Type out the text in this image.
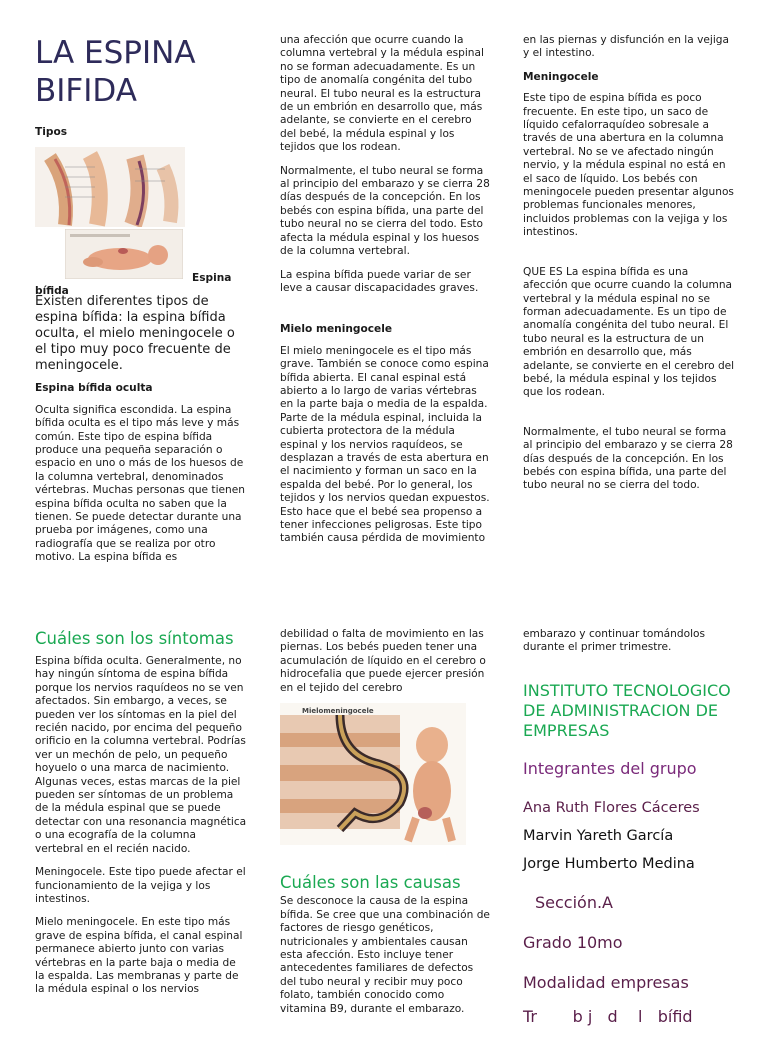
LA ESPINA BIFIDA
Tipos
Espina bífida

Existen diferentes tipos de espina bífida: la espina bífida oculta, el mielo meningocele o el tipo muy poco frecuente de meningocele.

Espina bífida oculta

Oculta significa escondida. La espina bífida oculta es el tipo más leve y más común. Este tipo de espina bífida produce una pequeña separación o espacio en uno o más de los huesos de la columna vertebral, denominados vértebras. Muchas personas que tienen espina bífida oculta no saben que la tienen. Se puede detectar durante una prueba por imágenes, como una radiografía que se realiza por otro motivo. La espina bífida es

una afección que ocurre cuando la columna vertebral y la médula espinal no se forman adecuadamente. Es un tipo de anomalía congénita del tubo neural. El tubo neural es la estructura de un embrión en desarrollo que, más adelante, se convierte en el cerebro del bebé, la médula espinal y los tejidos que los rodean.

Normalmente, el tubo neural se forma al principio del embarazo y se cierra 28 días después de la concepción. En los bebés con espina bífida, una parte del tubo neural no se cierra del todo. Esto afecta la médula espinal y los huesos de la columna vertebral.

La espina bífida puede variar de ser leve a causar discapacidades graves.

Mielo meningocele

El mielo meningocele es el tipo más grave. También se conoce como espina bífida abierta. El canal espinal está abierto a lo largo de varias vértebras en la parte baja o media de la espalda. Parte de la médula espinal, incluida la cubierta protectora de la médula espinal y los nervios raquídeos, se desplazan a través de esta abertura en el nacimiento y forman un saco en la espalda del bebé. Por lo general, los tejidos y los nervios quedan expuestos. Esto hace que el bebé sea propenso a tener infecciones peligrosas. Este tipo también causa pérdida de movimiento

en las piernas y disfunción en la vejiga y el intestino.

Meningocele

Este tipo de espina bífida es poco frecuente. En este tipo, un saco de líquido cefalorraquídeo sobresale a través de una abertura en la columna vertebral. No se ve afectado ningún nervio, y la médula espinal no está en el saco de líquido. Los bebés con meningocele pueden presentar algunos problemas funcionales menores, incluidos problemas con la vejiga y los intestinos.

QUE ES La espina bífida es una afección que ocurre cuando la columna vertebral y la médula espinal no se forman adecuadamente. Es un tipo de anomalía congénita del tubo neural. El tubo neural es la estructura de un embrión en desarrollo que, más adelante, se convierte en el cerebro del bebé, la médula espinal y los tejidos que los rodean.

Normalmente, el tubo neural se forma al principio del embarazo y se cierra 28 días después de la concepción. En los bebés con espina bífida, una parte del tubo neural no se cierra del todo.

Cuáles son los síntomas

Espina bífida oculta. Generalmente, no hay ningún síntoma de espina bífida porque los nervios raquídeos no se ven afectados. Sin embargo, a veces, se pueden ver los síntomas en la piel del recién nacido, por encima del pequeño orificio en la columna vertebral. Podrías ver un mechón de pelo, un pequeño hoyuelo o una marca de nacimiento. Algunas veces, estas marcas de la piel pueden ser síntomas de un problema de la médula espinal que se puede detectar con una resonancia magnética o una ecografía de la columna vertebral en el recién nacido.

Meningocele. Este tipo puede afectar el funcionamiento de la vejiga y los intestinos.

Mielo meningocele. En este tipo más grave de espina bífida, el canal espinal permanece abierto junto con varias vértebras en la parte baja o media de la espalda. Las membranas y parte de la médula espinal o los nervios

debilidad o falta de movimiento en las piernas. Los bebés pueden tener una acumulación de líquido en el cerebro o hidrocefalia que puede ejercer presión en el tejido del cerebro

Mielomeningocele
Cuáles son las causas

Se desconoce la causa de la espina bífida. Se cree que una combinación de factores de riesgo genéticos, nutricionales y ambientales causan esta afección. Esto incluye tener antecedentes familiares de defectos del tubo neural y recibir muy poco folato, también conocido como vitamina B9, durante el embarazo.

embarazo y continuar tomándolos durante el primer trimestre.

INSTITUTO TECNOLOGICO DE ADMINISTRACION DE EMPRESAS

Integrantes del grupo

Ana Ruth Flores Cáceres

Marvin Yareth García

Jorge Humberto Medina

Sección.A

Grado 10mo

Modalidad empresas

Tr       b j   d    l   bífid
